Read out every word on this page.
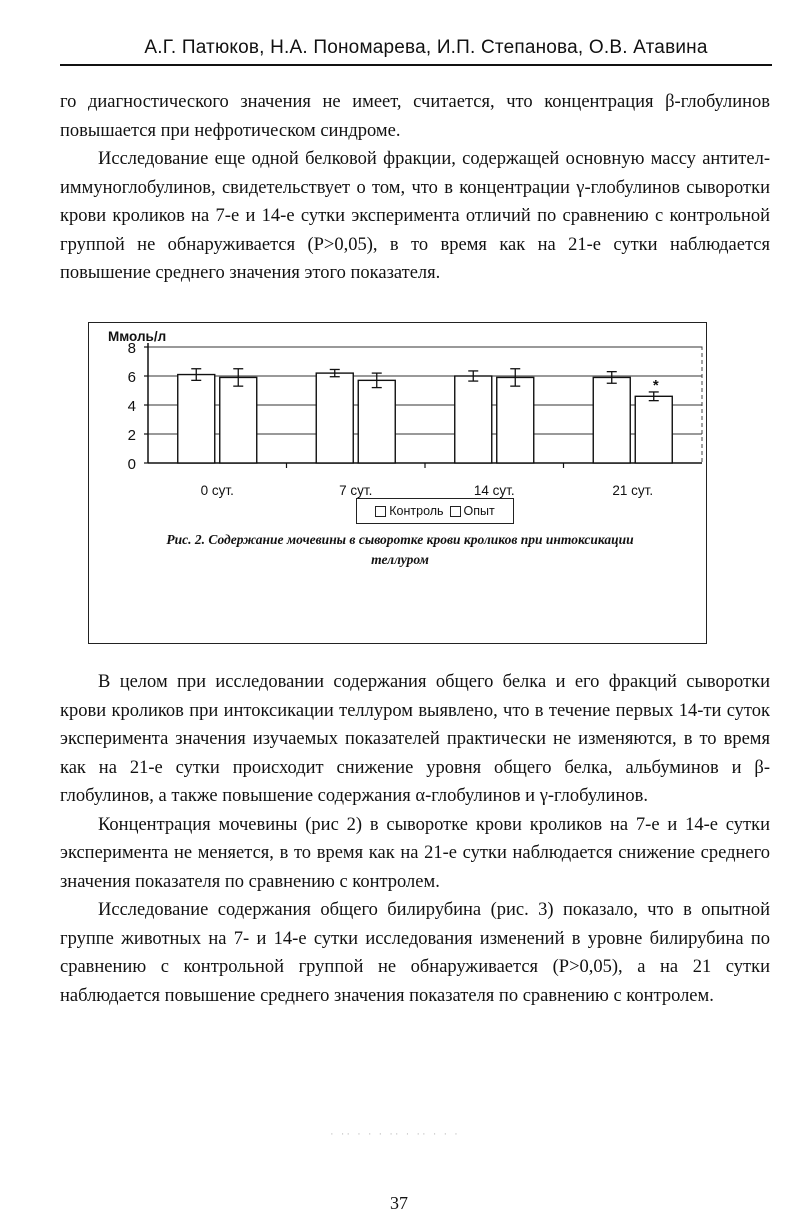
А.Г. Патюков, Н.А. Пономарева, И.П. Степанова, О.В. Атавина

го диагностического значения не имеет, считается, что концентрация β-глобулинов повышается при нефротическом синдроме.

Исследование еще одной белковой фракции, содержащей основную массу антител-иммуноглобулинов, свидетельствует о том, что в концентрации γ-глобулинов сыворотки крови кроликов на 7-е и 14-е сутки эксперимента отличий по сравнению с контрольной группой не обнаруживается (Р>0,05), в то время как на 21-е сутки наблюдается повышение среднего значения этого показателя.

0
2
4
6
8
Ммоль/л
0 сут.	7 сут.	14 сут.	21 сут.
*
Контроль	Опыт
Рис. 2. Содержание мочевины в сыворотке крови кроликов при интоксикации теллуром

В целом при исследовании содержания общего белка и его фракций сыворотки крови кроликов при интоксикации теллуром выявлено, что в течение первых 14-ти суток эксперимента значения изучаемых показателей практически не изменяются, в то время как на 21-е сутки происходит снижение уровня общего белка, альбуминов и β-глобулинов, а также повышение содержания α-глобулинов и γ-глобулинов.

Концентрация мочевины (рис 2) в сыворотке крови кроликов на 7-е и 14-е сутки эксперимента не меняется, в то время как на 21-е сутки наблюдается снижение среднего значения показателя по сравнению с контролем.

Исследование содержания общего билирубина (рис. 3) показало, что в опытной группе животных на 7- и 14-е сутки исследования изменений в уровне билирубина по сравнению с контрольной группой не обнаруживается (Р>0,05), а на 21 сутки наблюдается повышение среднего значения показателя по сравнению с контролем.

· ·· · · · ·· · ·· · · ·
37
